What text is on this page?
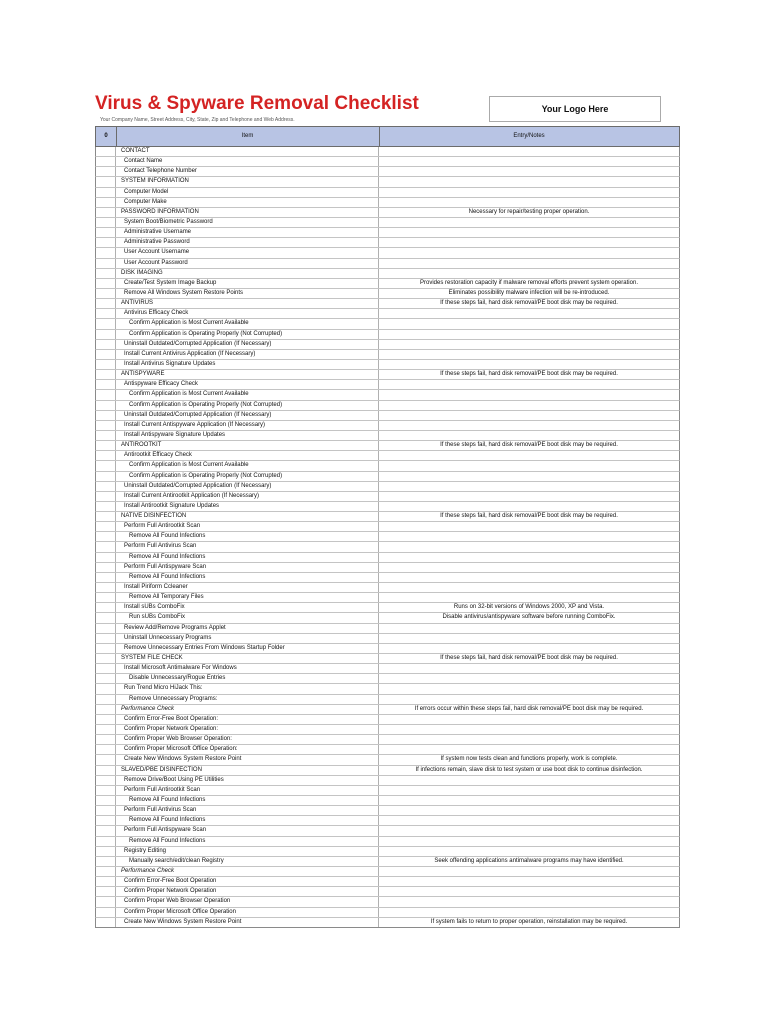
Virus & Spyware Removal Checklist
Your Company Name, Street Address, City, State, Zip and Telephone and Web Address.
Your Logo Here
0	Item	Entry/Notes
CONTACT
Contact Name
Contact Telephone Number
SYSTEM INFORMATION
Computer Model
Computer Make
PASSWORD INFORMATION	Necessary for repair/testing proper operation.
System Boot/Biometric Password
Administrative Username
Administrative Password
User Account Username
User Account Password
DISK IMAGING
Create/Test System Image Backup	Provides restoration capacity if malware removal efforts prevent system operation.
Remove All Windows System Restore Points	Eliminates possibility malware infection will be re-introduced.
ANTIVIRUS	If these steps fail, hard disk removal/PE boot disk may be required.
Antivirus Efficacy Check
Confirm Application is Most Current Available
Confirm Application is Operating Properly (Not Corrupted)
Uninstall Outdated/Corrupted Application (If Necessary)
Install Current Antivirus Application (If Necessary)
Install Antivirus Signature Updates
ANTISPYWARE	If these steps fail, hard disk removal/PE boot disk may be required.
Antispyware Efficacy Check
Confirm Application is Most Current Available
Confirm Application is Operating Properly (Not Corrupted)
Uninstall Outdated/Corrupted Application (If Necessary)
Install Current Antispyware Application (If Necessary)
Install Antispyware Signature Updates
ANTIROOTKIT	If these steps fail, hard disk removal/PE boot disk may be required.
Antirootkit Efficacy Check
Confirm Application is Most Current Available
Confirm Application is Operating Properly (Not Corrupted)
Uninstall Outdated/Corrupted Application (If Necessary)
Install Current Antirootkit Application (If Necessary)
Install Antirootkit Signature Updates
NATIVE DISINFECTION	If these steps fail, hard disk removal/PE boot disk may be required.
Perform Full Antirootkit Scan
Remove All Found Infections
Perform Full Antivirus Scan
Remove All Found Infections
Perform Full Antispyware Scan
Remove All Found Infections
Install Piriform Ccleaner
Remove All Temporary Files
Install sUBs ComboFix	Runs on 32-bit versions of Windows 2000, XP and Vista.
Run sUBs ComboFix	Disable antivirus/antispyware software before running ComboFix.
Review Add/Remove Programs Applet
Uninstall Unnecessary Programs
Remove Unnecessary Entries From Windows Startup Folder
SYSTEM FILE CHECK	If these steps fail, hard disk removal/PE boot disk may be required.
Install Microsoft Antimalware For Windows
Disable Unnecessary/Rogue Entries
Run Trend Micro HiJack This:
Remove Unnecessary Programs:
Performance Check	If errors occur within these steps fail, hard disk removal/PE boot disk may be required.
Confirm Error-Free Boot Operation:
Confirm Proper Network Operation:
Confirm Proper Web Browser Operation:
Confirm Proper Microsoft Office Operation:
Create New Windows System Restore Point	If system now tests clean and functions properly, work is complete.
SLAVED/PBE DISINFECTION	If infections remain, slave disk to test system or use boot disk to continue disinfection.
Remove Drive/Boot Using PE Utilities
Perform Full Antirootkit Scan
Remove All Found Infections
Perform Full Antivirus Scan
Remove All Found Infections
Perform Full Antispyware Scan
Remove All Found Infections
Registry Editing
Manually search/edit/clean Registry	Seek offending applications antimalware programs may have identified.
Performance Check
Confirm Error-Free Boot Operation
Confirm Proper Network Operation
Confirm Proper Web Browser Operation
Confirm Proper Microsoft Office Operation
Create New Windows System Restore Point	If system fails to return to proper operation, reinstallation may be required.
